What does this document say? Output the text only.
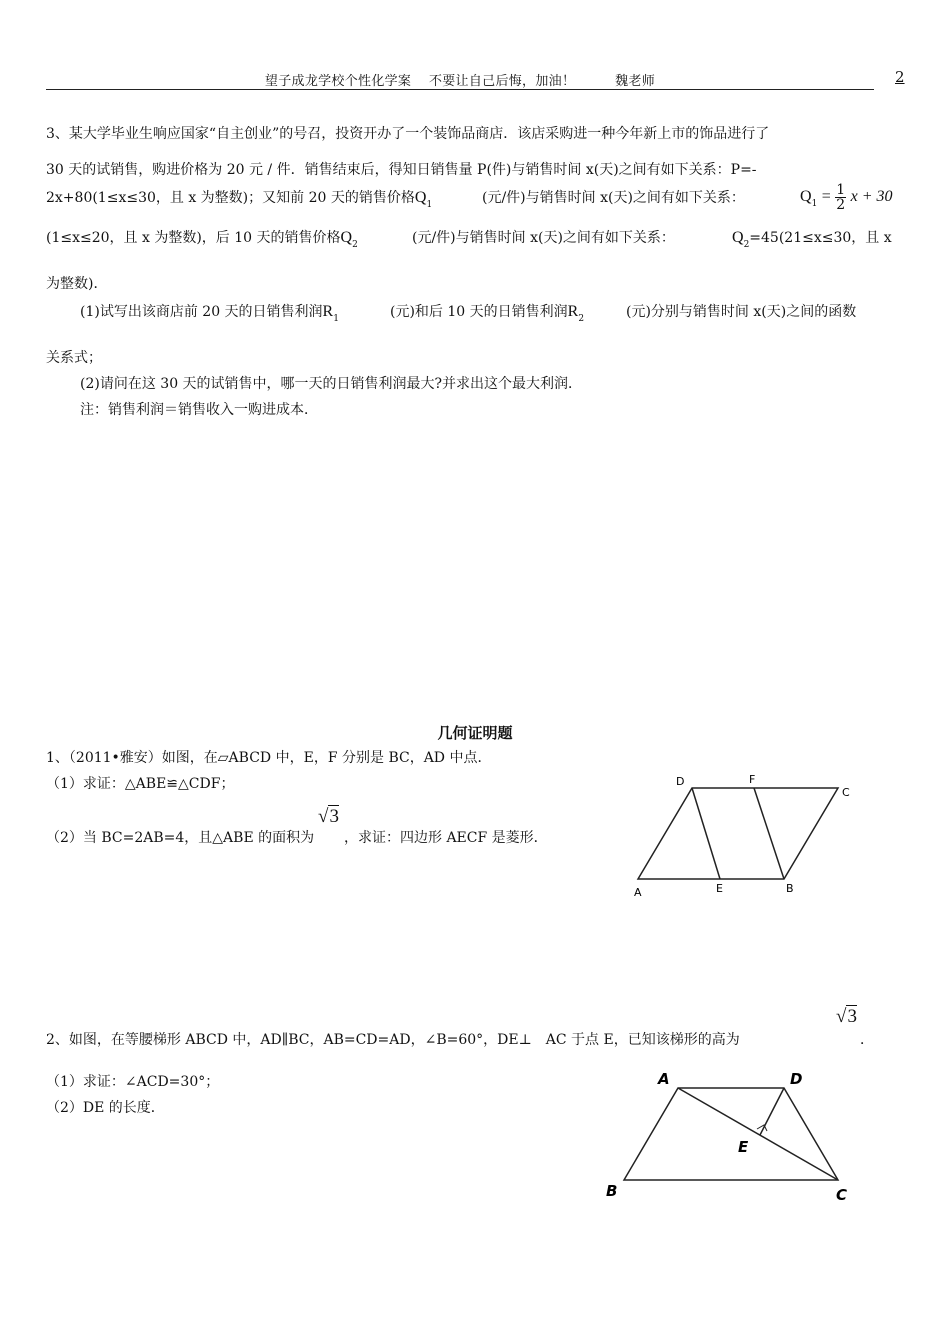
望子成龙学校个性化学案　 不要让自己后悔，加油！　　　魏老师	2
3、某大学毕业生响应国家“自主创业”的号召，投资开办了一个装饰品商店．该店采购进一种今年新上市的饰品进行了
30 天的试销售，购进价格为 20 元 / 件．销售结束后，得知日销售量 P(件)与销售时间 x(天)之间有如下关系：P=-
2x+80(1≤x≤30，且 x 为整数)；又知前 20 天的销售价格$Q_1$	(元/件)与销售时间 x(天)之间有如下关系：	$Q_1 = \frac{1}{2}$ x + 30
(1≤x≤20，且 x 为整数)，后 10 天的销售价格$Q_2$	(元/件)与销售时间 x(天)之间有如下关系：	$Q_2=45(21\le x\le 30$，且 x
为整数)．
(1)试写出该商店前 20 天的日销售利润$R_1$	(元)和后 10 天的日销售利润$R_2$	(元)分别与销售时间 x(天)之间的函数
关系式；
(2)请问在这 30 天的试销售中，哪一天的日销售利润最大?并求出这个最大利润．
注：销售利润＝销售收入一购进成本．
几何证明题
1、（2011•雅安）如图，在▱ABCD 中，E，F 分别是 BC，AD 中点．
（1）求证：△ABE≌△CDF；
（2）当 BC=2AB=4，且△ABE 的面积为
√3
，求证：四边形 AECF 是菱形．
A	E	B
C
D	F
2、如图，在等腰梯形 ABCD 中，AD∥BC，AB=CD=AD，∠B=60°，DE⊥　AC 于点 E，已知该梯形的高为
√3
．
（1）求证：∠ACD=30°；
（2）DE 的长度．
A	D
E
B	C
